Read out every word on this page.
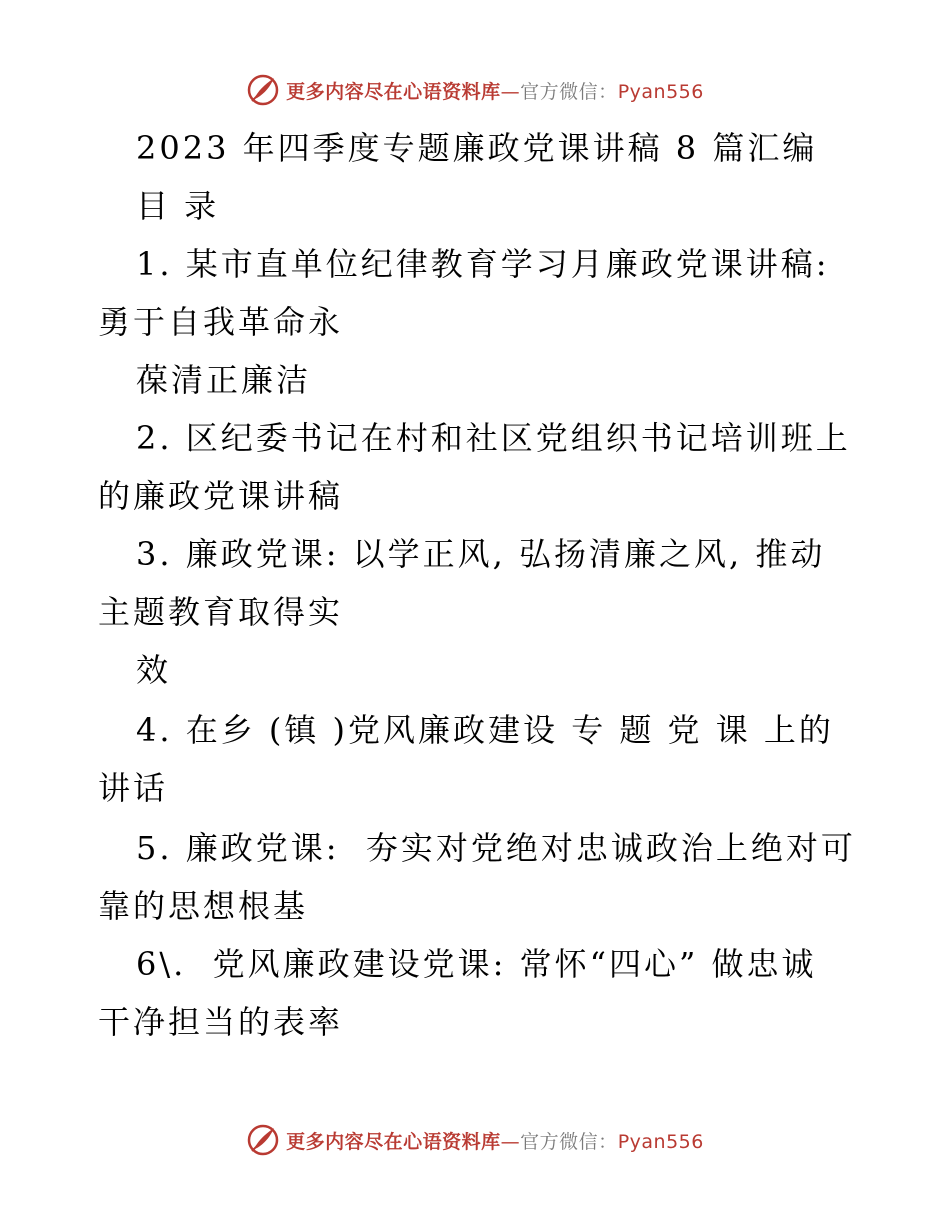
更多内容尽在心语资料库—官方微信：Pyan556
2023 年四季度专题廉政党课讲稿 8 篇汇编
目 录
1. 某市直单位纪律教育学习月廉政党课讲稿:
勇于自我革命永
葆清正廉洁
2. 区纪委书记在村和社区党组织书记培训班上
的廉政党课讲稿
3. 廉政党课: 以学正风, 弘扬清廉之风, 推动
主题教育取得实
效
4. 在乡 (镇 )党风廉政建设 专 题 党 课 上的
讲话
5. 廉政党课:  夯实对党绝对忠诚政治上绝对可
靠的思想根基
6\.  党风廉政建设党课: 常怀“四心” 做忠诚
干净担当的表率
更多内容尽在心语资料库—官方微信：Pyan556
